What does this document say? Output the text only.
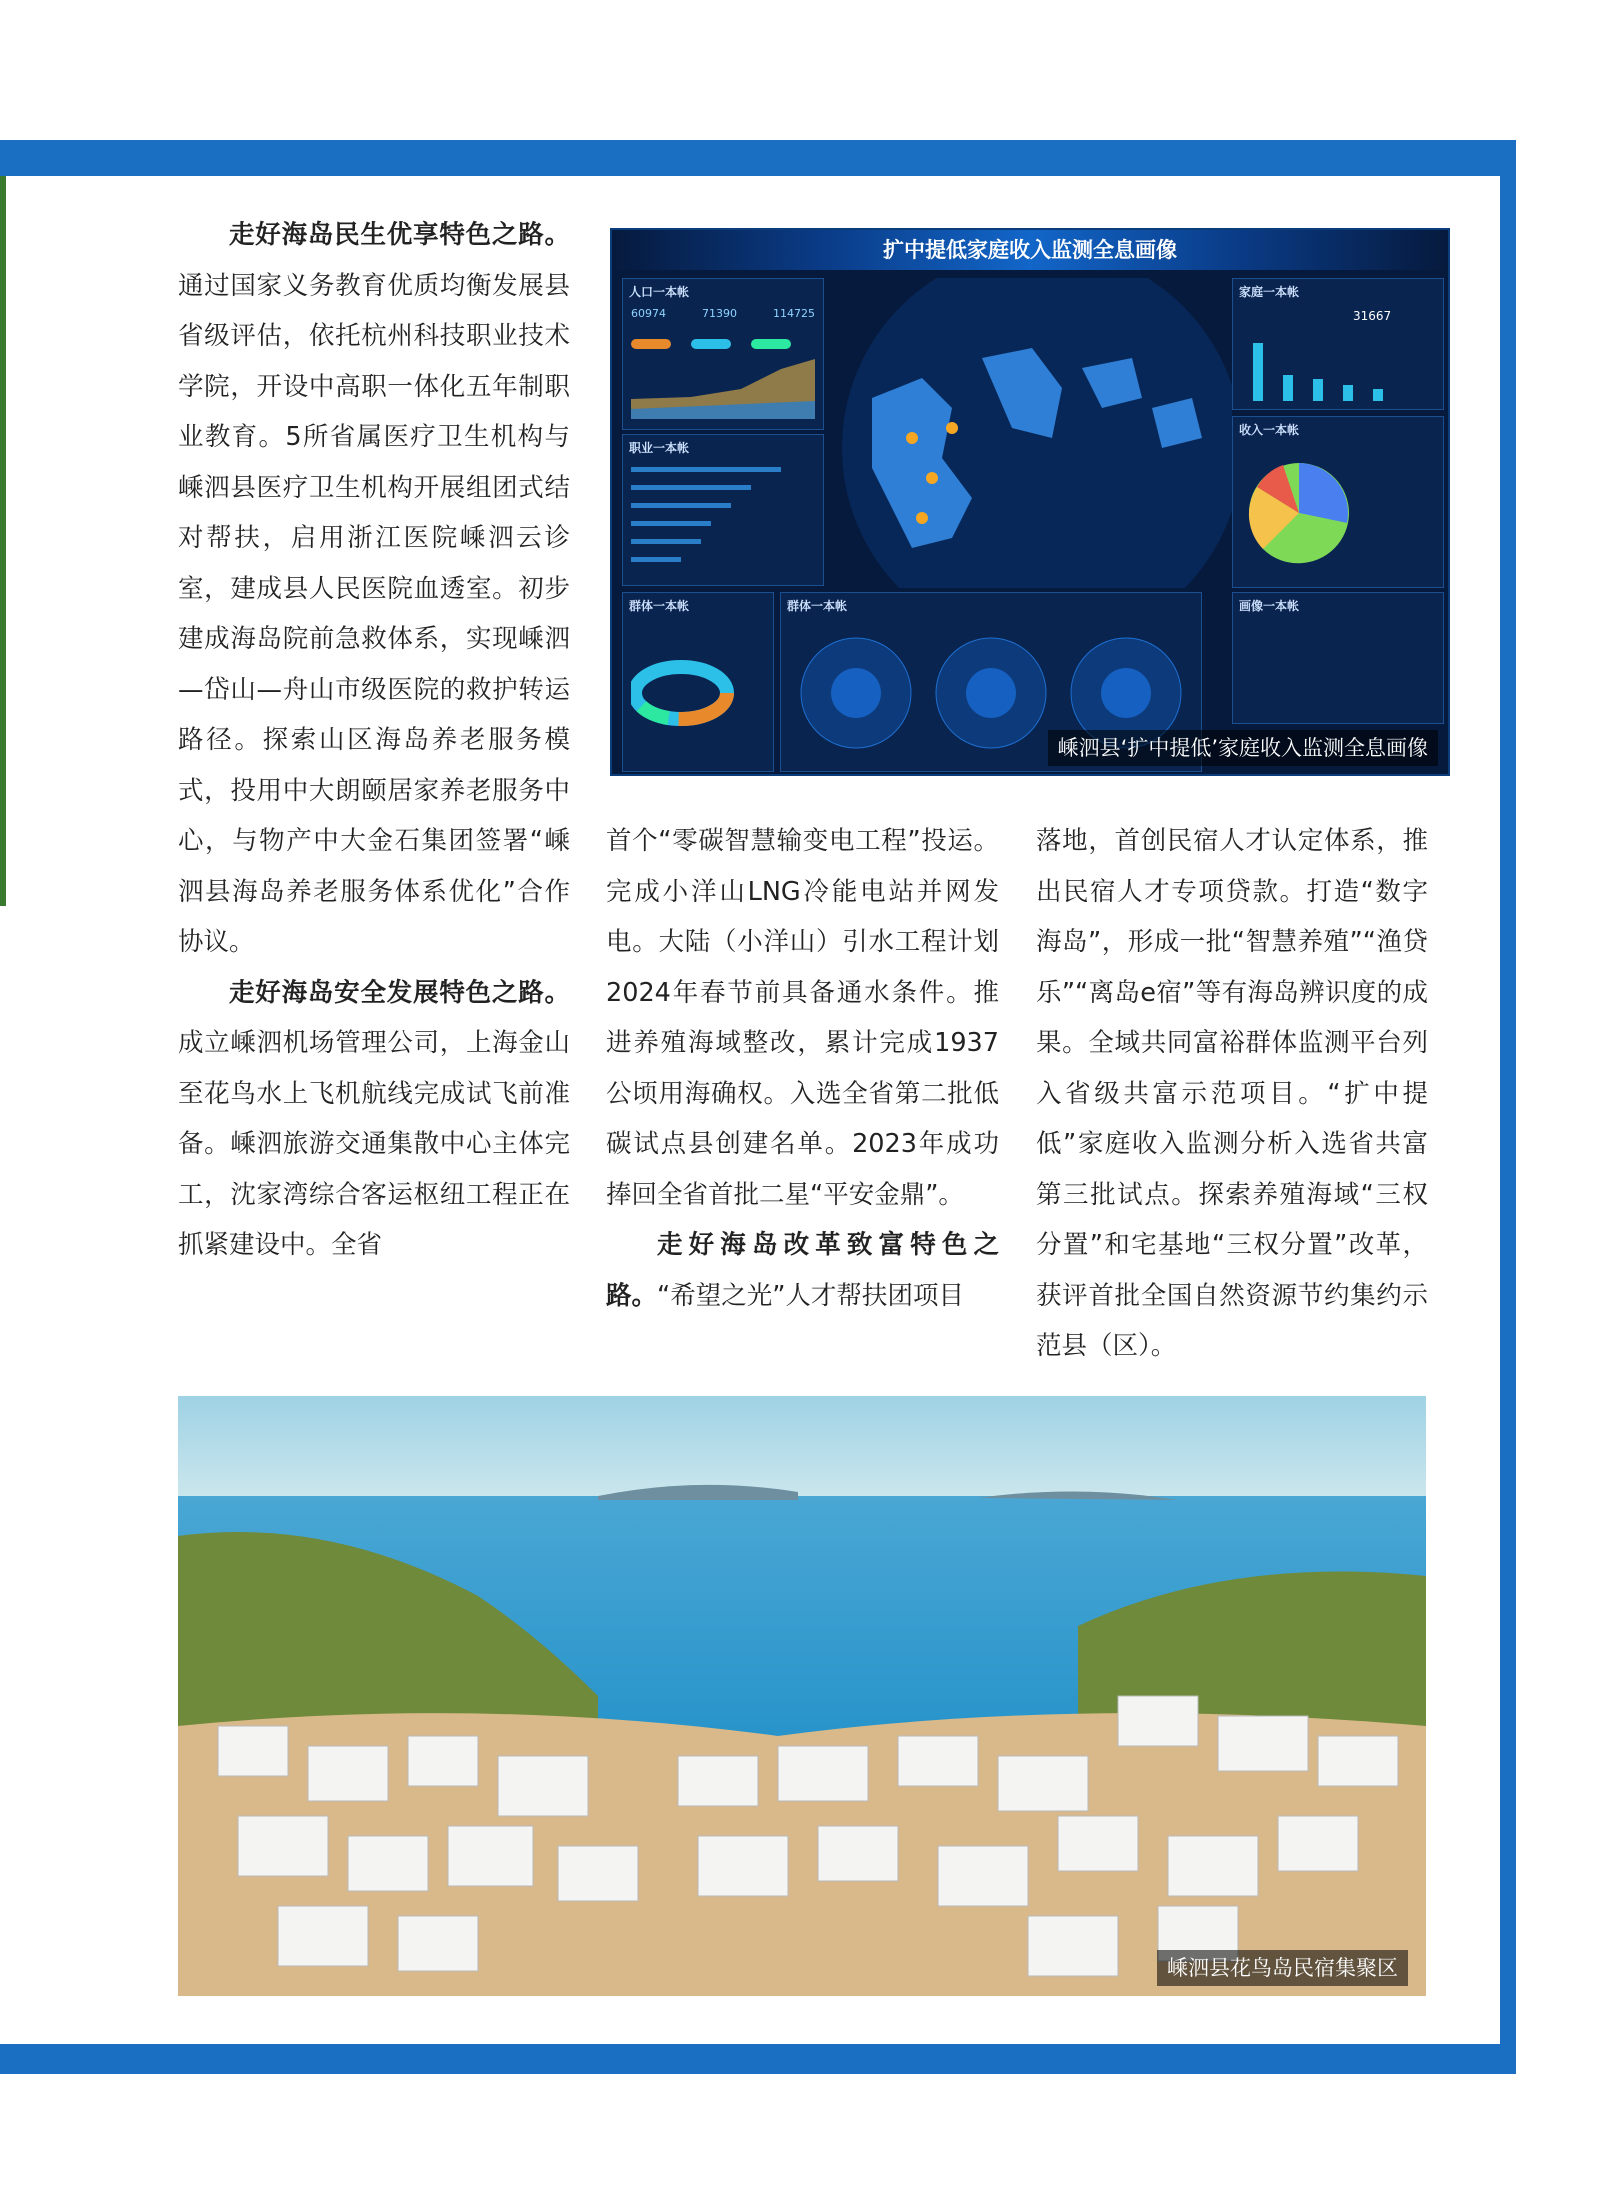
走好海岛民生优享特色之路。通过国家义务教育优质均衡发展县省级评估，依托杭州科技职业技术学院，开设中高职一体化五年制职业教育。5所省属医疗卫生机构与嵊泗县医疗卫生机构开展组团式结对帮扶，启用浙江医院嵊泗云诊室，建成县人民医院血透室。初步建成海岛院前急救体系，实现嵊泗—岱山—舟山市级医院的救护转运路径。探索山区海岛养老服务模式，投用中大朗颐居家养老服务中心，与物产中大金石集团签署“嵊泗县海岛养老服务体系优化”合作协议。

走好海岛安全发展特色之路。成立嵊泗机场管理公司，上海金山至花鸟水上飞机航线完成试飞前准备。嵊泗旅游交通集散中心主体完工，沈家湾综合客运枢纽工程正在抓紧建设中。全省

扩中提低家庭收入监测全息画像
人口一本帐
60974	71390	114725
职业一本帐
群体一本帐	群体一本帐
家庭一本帐
31667
收入一本帐
画像一本帐
嵊泗县‘扩中提低’家庭收入监测全息画像

首个“零碳智慧输变电工程”投运。完成小洋山LNG冷能电站并网发电。大陆（小洋山）引水工程计划2024年春节前具备通水条件。推进养殖海域整改，累计完成1937公顷用海确权。入选全省第二批低碳试点县创建名单。2023年成功捧回全省首批二星“平安金鼎”。

走好海岛改革致富特色之路。“希望之光”人才帮扶团项目

落地，首创民宿人才认定体系，推出民宿人才专项贷款。打造“数字海岛”，形成一批“智慧养殖”“渔贷乐”“离岛e宿”等有海岛辨识度的成果。全域共同富裕群体监测平台列入省级共富示范项目。“扩中提低”家庭收入监测分析入选省共富第三批试点。探索养殖海域“三权分置”和宅基地“三权分置”改革，获评首批全国自然资源节约集约示范县（区）。

嵊泗县花鸟岛民宿集聚区
